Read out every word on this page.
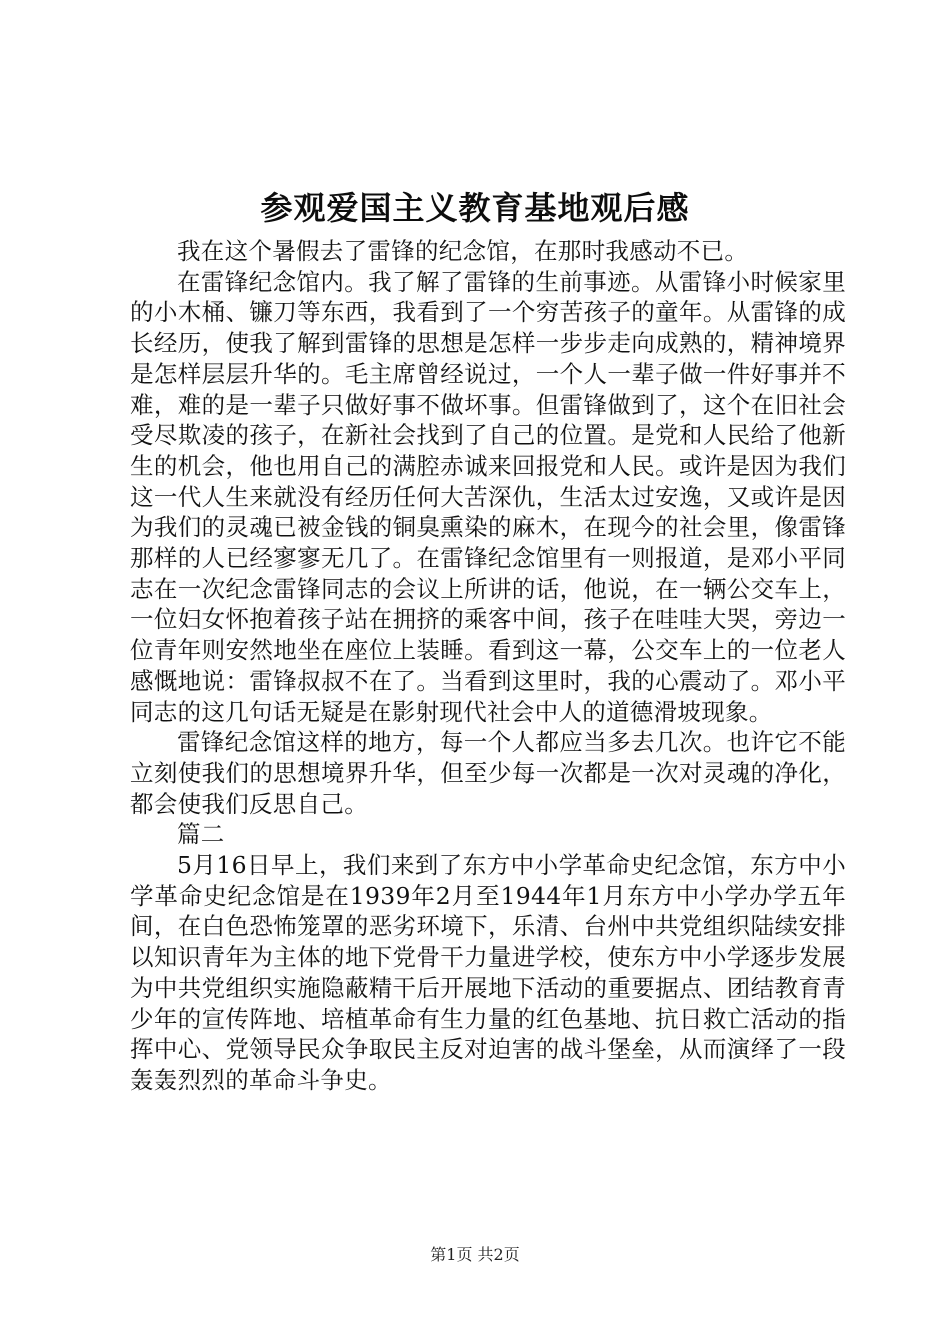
参观爱国主义教育基地观后感

我在这个暑假去了雷锋的纪念馆，在那时我感动不已。

在雷锋纪念馆内。我了解了雷锋的生前事迹。从雷锋小时候家里的小木桶、镰刀等东西，我看到了一个穷苦孩子的童年。从雷锋的成长经历，使我了解到雷锋的思想是怎样一步步走向成熟的，精神境界是怎样层层升华的。毛主席曾经说过，一个人一辈子做一件好事并不难，难的是一辈子只做好事不做坏事。但雷锋做到了，这个在旧社会受尽欺凌的孩子，在新社会找到了自己的位置。是党和人民给了他新生的机会，他也用自己的满腔赤诚来回报党和人民。或许是因为我们这一代人生来就没有经历任何大苦深仇，生活太过安逸，又或许是因为我们的灵魂已被金钱的铜臭熏染的麻木，在现今的社会里，像雷锋那样的人已经寥寥无几了。在雷锋纪念馆里有一则报道，是邓小平同志在一次纪念雷锋同志的会议上所讲的话，他说，在一辆公交车上，一位妇女怀抱着孩子站在拥挤的乘客中间，孩子在哇哇大哭，旁边一位青年则安然地坐在座位上装睡。看到这一幕，公交车上的一位老人感慨地说：雷锋叔叔不在了。当看到这里时，我的心震动了。邓小平同志的这几句话无疑是在影射现代社会中人的道德滑坡现象。

雷锋纪念馆这样的地方，每一个人都应当多去几次。也许它不能立刻使我们的思想境界升华，但至少每一次都是一次对灵魂的净化，都会使我们反思自己。

篇二

5月16日早上，我们来到了东方中小学革命史纪念馆，东方中小学革命史纪念馆是在1939年2月至1944年1月东方中小学办学五年间，在白色恐怖笼罩的恶劣环境下，乐清、台州中共党组织陆续安排以知识青年为主体的地下党骨干力量进学校，使东方中小学逐步发展为中共党组织实施隐蔽精干后开展地下活动的重要据点、团结教育青少年的宣传阵地、培植革命有生力量的红色基地、抗日救亡活动的指挥中心、党领导民众争取民主反对迫害的战斗堡垒，从而演绎了一段轰轰烈烈的革命斗争史。

第1页 共2页
